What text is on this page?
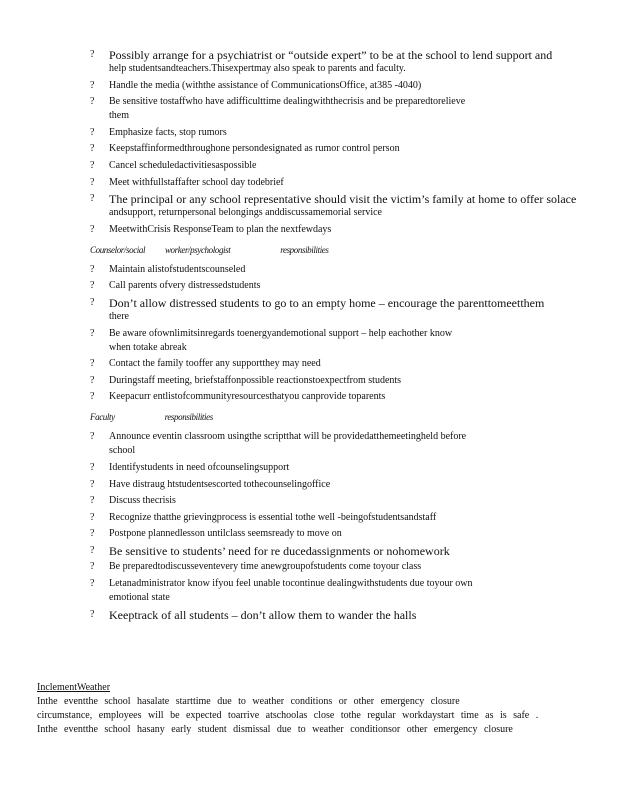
? Possibly arrange for a psychiatrist or “outside expert” to be at the school to lend support and
help studentsandteachers.Thisexpertmay also speak to parents and faculty.
? Handle the media (withthe assistance of CommunicationsOffice, at385 -4040)
? Be sensitive tostaffwho have adifficulttime dealingwiththecrisis and be preparedtorelieve
them
? Emphasize facts, stop rumors
? Keepstaffinformedthroughone persondesignated as rumor control person
? Cancel scheduledactivitiesaspossible
? Meet withfullstaffafter school day todebrief
? The principal or any school representative should visit the victim’s family at home to offer solace
andsupport, returnpersonal belongings anddiscussamemorial service
? MeetwithCrisis ResponseTeam to plan the nextfewdays
Counselor/social worker/psychologist	responsibilities
? Maintain alistofstudentscounseled
? Call parents ofvery distressedstudents
? Don’t allow distressed students to go to an empty home – encourage the parenttomeetthem
there
? Be aware ofownlimitsinregards toenergyandemotional support – help eachother know
when totake abreak
? Contact the family tooffer any supportthey may need
? Duringstaff meeting, briefstaffonpossible reactionstoexpectfrom students
? Keepacurr entlistofcommunityresourcesthatyou canprovide toparents
Faculty	responsibilities
? Announce eventin classroom usingthe scriptthat will be providedatthemeetingheld before
school
? Identifystudents in need ofcounselingsupport
? Have distraug htstudentsescorted tothecounselingoffice
? Discuss thecrisis
? Recognize thatthe grievingprocess is essential tothe well -beingofstudentsandstaff
? Postpone plannedlesson untilclass seemsready to move on
? Be sensitive to students’ need for re ducedassignments or nohomework
? Be preparedtodiscusseventevery time anewgroupofstudents come toyour class
? Letanadministrator know ifyou feel unable tocontinue dealingwithstudents due toyour own
emotional state
? Keeptrack of all students – don’t allow them to wander the halls

InclementWeather

Inthe eventthe school hasalate starttime due to weather conditions or other emergency closure

circumstance, employees will be expected toarrive atschoolas close tothe regular workdaystart time as is safe .

Inthe eventthe school hasany early student dismissal due to weather conditionsor other emergency closure
